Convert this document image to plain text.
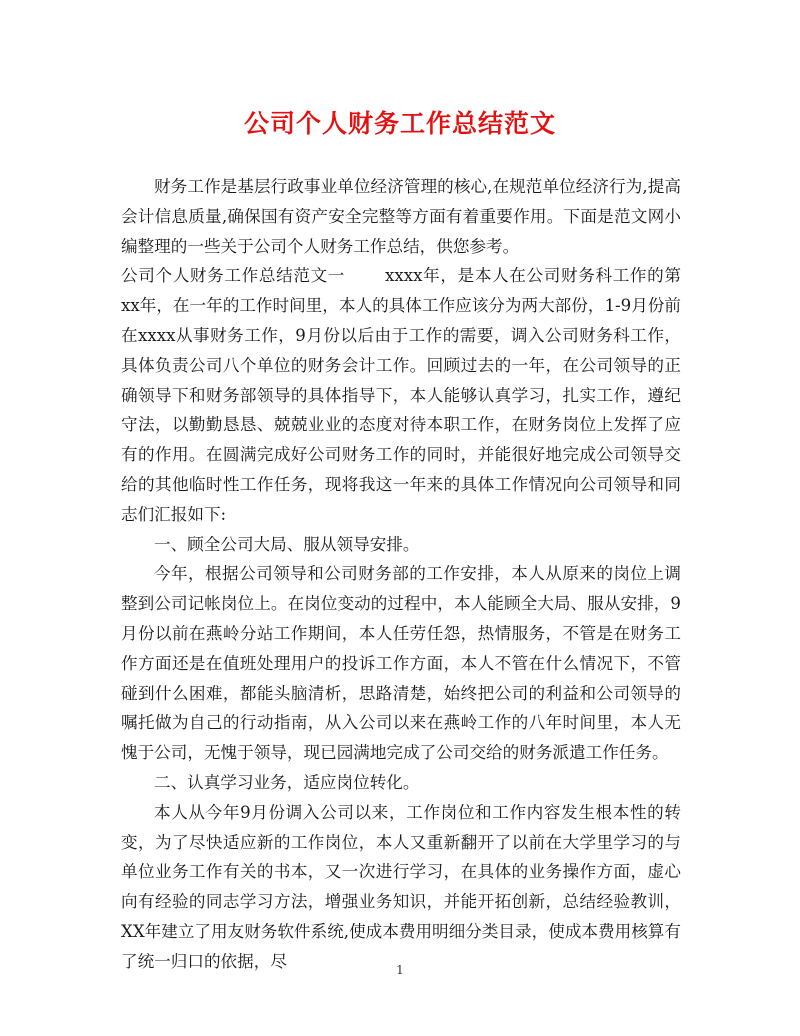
公司个人财务工作总结范文

财务工作是基层行政事业单位经济管理的核心,在规范单位经济行为,提高会计信息质量,确保国有资产安全完整等方面有着重要作用。下面是范文网小编整理的一些关于公司个人财务工作总结，供您参考。

公司个人财务工作总结范文一 xxxx年，是本人在公司财务科工作的第xx年，在一年的工作时间里，本人的具体工作应该分为两大部份，1-9月份前在xxxx从事财务工作，9月份以后由于工作的需要，调入公司财务科工作，具体负责公司八个单位的财务会计工作。回顾过去的一年，在公司领导的正确领导下和财务部领导的具体指导下，本人能够认真学习，扎实工作，遵纪守法，以勤勤恳恳、兢兢业业的态度对待本职工作，在财务岗位上发挥了应有的作用。在圆满完成好公司财务工作的同时，并能很好地完成公司领导交给的其他临时性工作任务，现将我这一年来的具体工作情况向公司领导和同志们汇报如下:

一、顾全公司大局、服从领导安排。

今年，根据公司领导和公司财务部的工作安排，本人从原来的岗位上调整到公司记帐岗位上。在岗位变动的过程中，本人能顾全大局、服从安排，9月份以前在燕岭分站工作期间，本人任劳任怨，热情服务，不管是在财务工作方面还是在值班处理用户的投诉工作方面，本人不管在什么情况下，不管碰到什么困难，都能头脑清析，思路清楚，始终把公司的利益和公司领导的嘱托做为自己的行动指南，从入公司以来在燕岭工作的八年时间里，本人无愧于公司，无愧于领导，现已园满地完成了公司交给的财务派遣工作任务。

二、认真学习业务，适应岗位转化。

本人从今年9月份调入公司以来，工作岗位和工作内容发生根本性的转变，为了尽快适应新的工作岗位，本人又重新翻开了以前在大学里学习的与单位业务工作有关的书本，又一次进行学习，在具体的业务操作方面，虚心向有经验的同志学习方法，增强业务知识，并能开拓创新，总结经验教训，XX年建立了用友财务软件系统,使成本费用明细分类目录，使成本费用核算有了统一归口的依据，尽	1
